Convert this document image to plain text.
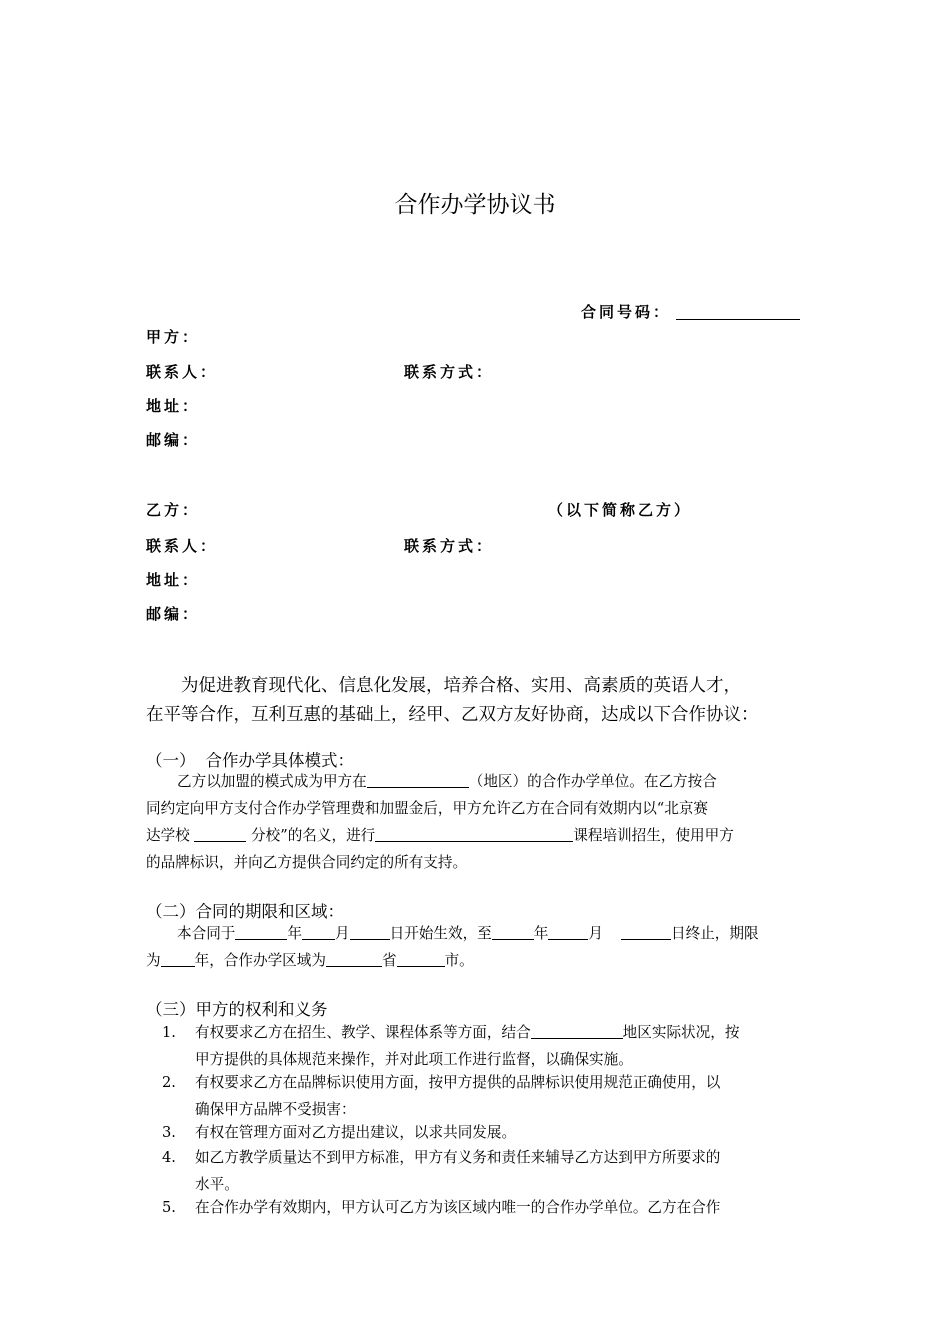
合作办学协议书
合同号码：
甲方：
联系人：	联系方式：
地址：
邮编：
乙方：	（以下简称乙方）
联系人：	联系方式：
地址：
邮编：
为促进教育现代化、信息化发展，培养合格、实用、高素质的英语人才，
在平等合作，互利互惠的基础上，经甲、乙双方友好协商，达成以下合作协议：
（一） 合作办学具体模式：
乙方以加盟的模式成为甲方在	（地区）的合作办学单位。在乙方按合
同约定向甲方支付合作办学管理费和加盟金后，甲方允许乙方在合同有效期内以“北京赛
达学校	分校”的名义，进行	课程培训招生，使用甲方
的品牌标识，并向乙方提供合同约定的所有支持。
（二）合同的期限和区域：
本合同于	年 月	日开始生效，至	年	月	日终止，期限
为 年，合作办学区域为	省	市。
（三）甲方的权利和义务
1. 有权要求乙方在招生、教学、课程体系等方面，结合	地区实际状况，按
甲方提供的具体规范来操作，并对此项工作进行监督，以确保实施。
2. 有权要求乙方在品牌标识使用方面，按甲方提供的品牌标识使用规范正确使用，以
确保甲方品牌不受损害：
3. 有权在管理方面对乙方提出建议，以求共同发展。
4. 如乙方教学质量达不到甲方标准，甲方有义务和责任来辅导乙方达到甲方所要求的
水平。
5. 在合作办学有效期内，甲方认可乙方为该区域内唯一的合作办学单位。乙方在合作
